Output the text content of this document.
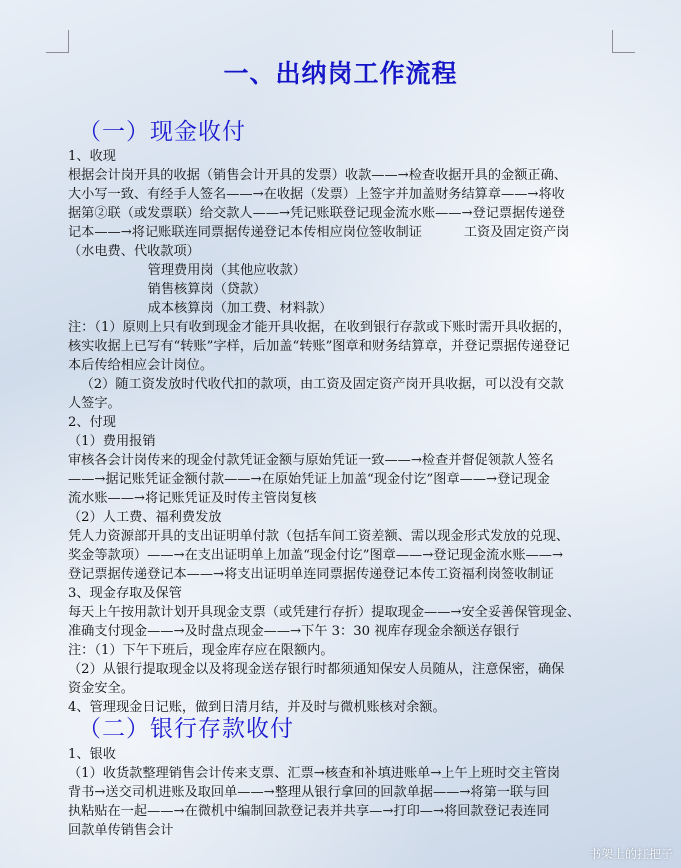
一、出纳岗工作流程
（一）现金收付
1、收现
根据会计岗开具的收据（销售会计开具的发票）收款——→检查收据开具的金额正确、
大小写一致、有经手人签名——→在收据（发票）上签字并加盖财务结算章——→将收
据第②联（或发票联）给交款人——→凭记账联登记现金流水账——→登记票据传递登
记本——→将记账联连同票据传递登记本传相应岗位签收制证          工资及固定资产岗
（水电费、代收款项）
管理费用岗（其他应收款）
销售核算岗（贷款）
成本核算岗（加工费、材料款）
注：（1）原则上只有收到现金才能开具收据，在收到银行存款或下账时需开具收据的，
核实收据上已写有“转账”字样，后加盖“转账”图章和财务结算章，并登记票据传递登记
本后传给相应会计岗位。
（2）随工资发放时代收代扣的款项，由工资及固定资产岗开具收据，可以没有交款
人签字。
2、付现
（1）费用报销
审核各会计岗传来的现金付款凭证金额与原始凭证一致——→检查并督促领款人签名
——→据记账凭证金额付款——→在原始凭证上加盖“现金付讫”图章——→登记现金
流水账——→将记账凭证及时传主管岗复核
（2）人工费、福利费发放
凭人力资源部开具的支出证明单付款（包括车间工资差额、需以现金形式发放的兑现、
奖金等款项）——→在支出证明单上加盖“现金付讫”图章——→登记现金流水账——→
登记票据传递登记本——→将支出证明单连同票据传递登记本传工资福利岗签收制证
3、现金存取及保管
每天上午按用款计划开具现金支票（或凭建行存折）提取现金——→安全妥善保管现金、
准确支付现金——→及时盘点现金——→下午 3：30 视库存现金余额送存银行
注：（1）下午下班后，现金库存应在限额内。
（2）从银行提取现金以及将现金送存银行时都须通知保安人员随从，注意保密，确保
资金安全。
4、管理现金日记账，做到日清月结，并及时与微机账核对余额。
（二）银行存款收付
1、银收
（1）收货款整理销售会计传来支票、汇票→核查和补填进账单→上午上班时交主管岗
背书→送交司机进账及取回单——→整理从银行拿回的回款单据——→将第一联与回
执粘贴在一起——→在微机中编制回款登记表并共享—→打印—→将回款登记表连同
回款单传销售会计
书架上的扛把子
